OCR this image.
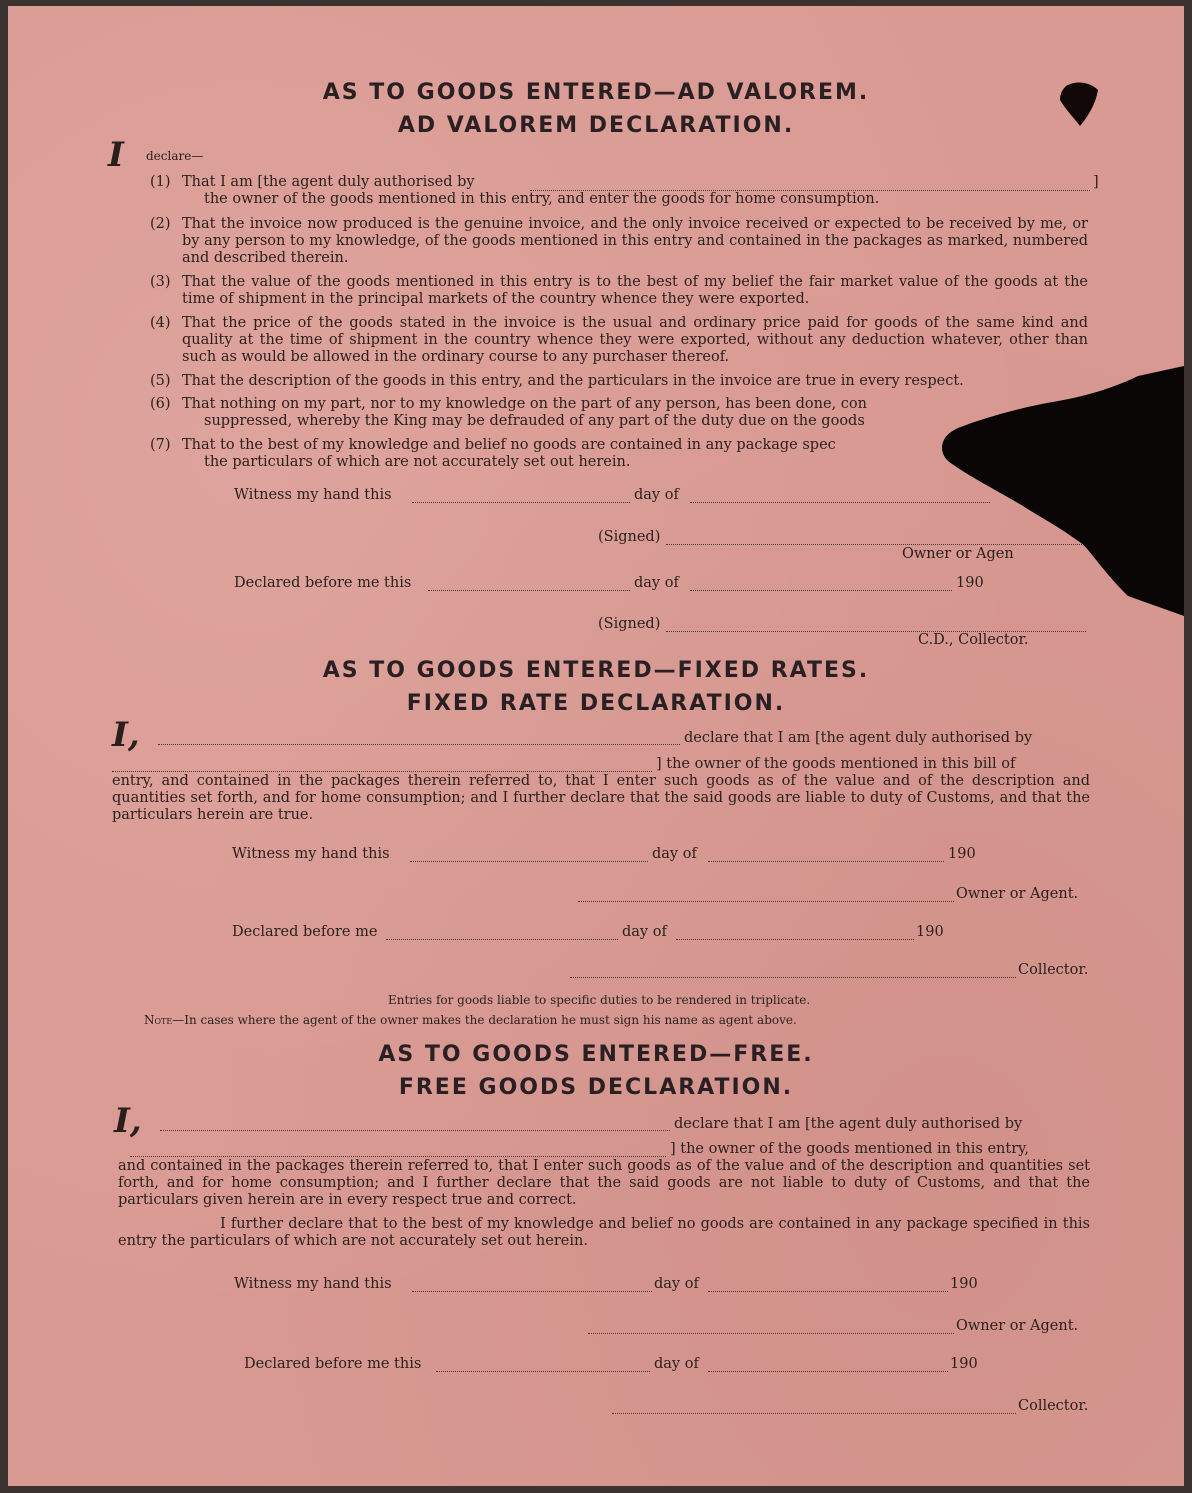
AS TO GOODS ENTERED—AD VALOREM.
AD VALOREM DECLARATION.
I declare—
(1) That I am [the agent duly authorised by	]
the owner of the goods mentioned in this entry, and enter the goods for home consumption.
(2) That the invoice now produced is the genuine invoice, and the only invoice received or expected to be received by me, or by any person to my knowledge, of the goods mentioned in this entry and contained in the packages as marked, numbered and described therein.
(3) That the value of the goods mentioned in this entry is to the best of my belief the fair market value of the goods at the time of shipment in the principal markets of the country whence they were exported.
(4) That the price of the goods stated in the invoice is the usual and ordinary price paid for goods of the same kind and quality at the time of shipment in the country whence they were exported, without any deduction whatever, other than such as would be allowed in the ordinary course to any purchaser thereof.
(5) That the description of the goods in this entry, and the particulars in the invoice are true in every respect.
(6) That nothing on my part, nor to my knowledge on the part of any person, has been done, con
suppressed, whereby the King may be defrauded of any part of the duty due on the goods
(7) That to the best of my knowledge and belief no goods are contained in any package spec
the particulars of which are not accurately set out herein.
Witness my hand this	day of
(Signed)
Owner or Agen
Declared before me this	day of	190
(Signed)
C.D., Collector.
AS TO GOODS ENTERED—FIXED RATES.
FIXED RATE DECLARATION.
I,	declare that I am [the agent duly authorised by
] the owner of the goods mentioned in this bill of
entry, and contained in the packages therein referred to, that I enter such goods as of the value and of the description and quantities set forth, and for home consumption; and I further declare that the said goods are liable to duty of Customs, and that the particulars herein are true.
Witness my hand this	day of	190
Owner or Agent.
Declared before me	day of	190
Collector.
Entries for goods liable to specific duties to be rendered in triplicate.
Note—In cases where the agent of the owner makes the declaration he must sign his name as agent above.
AS TO GOODS ENTERED—FREE.
FREE GOODS DECLARATION.
I,	declare that I am [the agent duly authorised by
] the owner of the goods mentioned in this entry,
and contained in the packages therein referred to, that I enter such goods as of the value and of the description and quantities set forth, and for home consumption; and I further declare that the said goods are not liable to duty of Customs, and that the particulars given herein are in every respect true and correct.
I further declare that to the best of my knowledge and belief no goods are contained in any package specified in this entry the particulars of which are not accurately set out herein.
Witness my hand this	day of	190
Owner or Agent.
Declared before me this	day of	190
Collector.
